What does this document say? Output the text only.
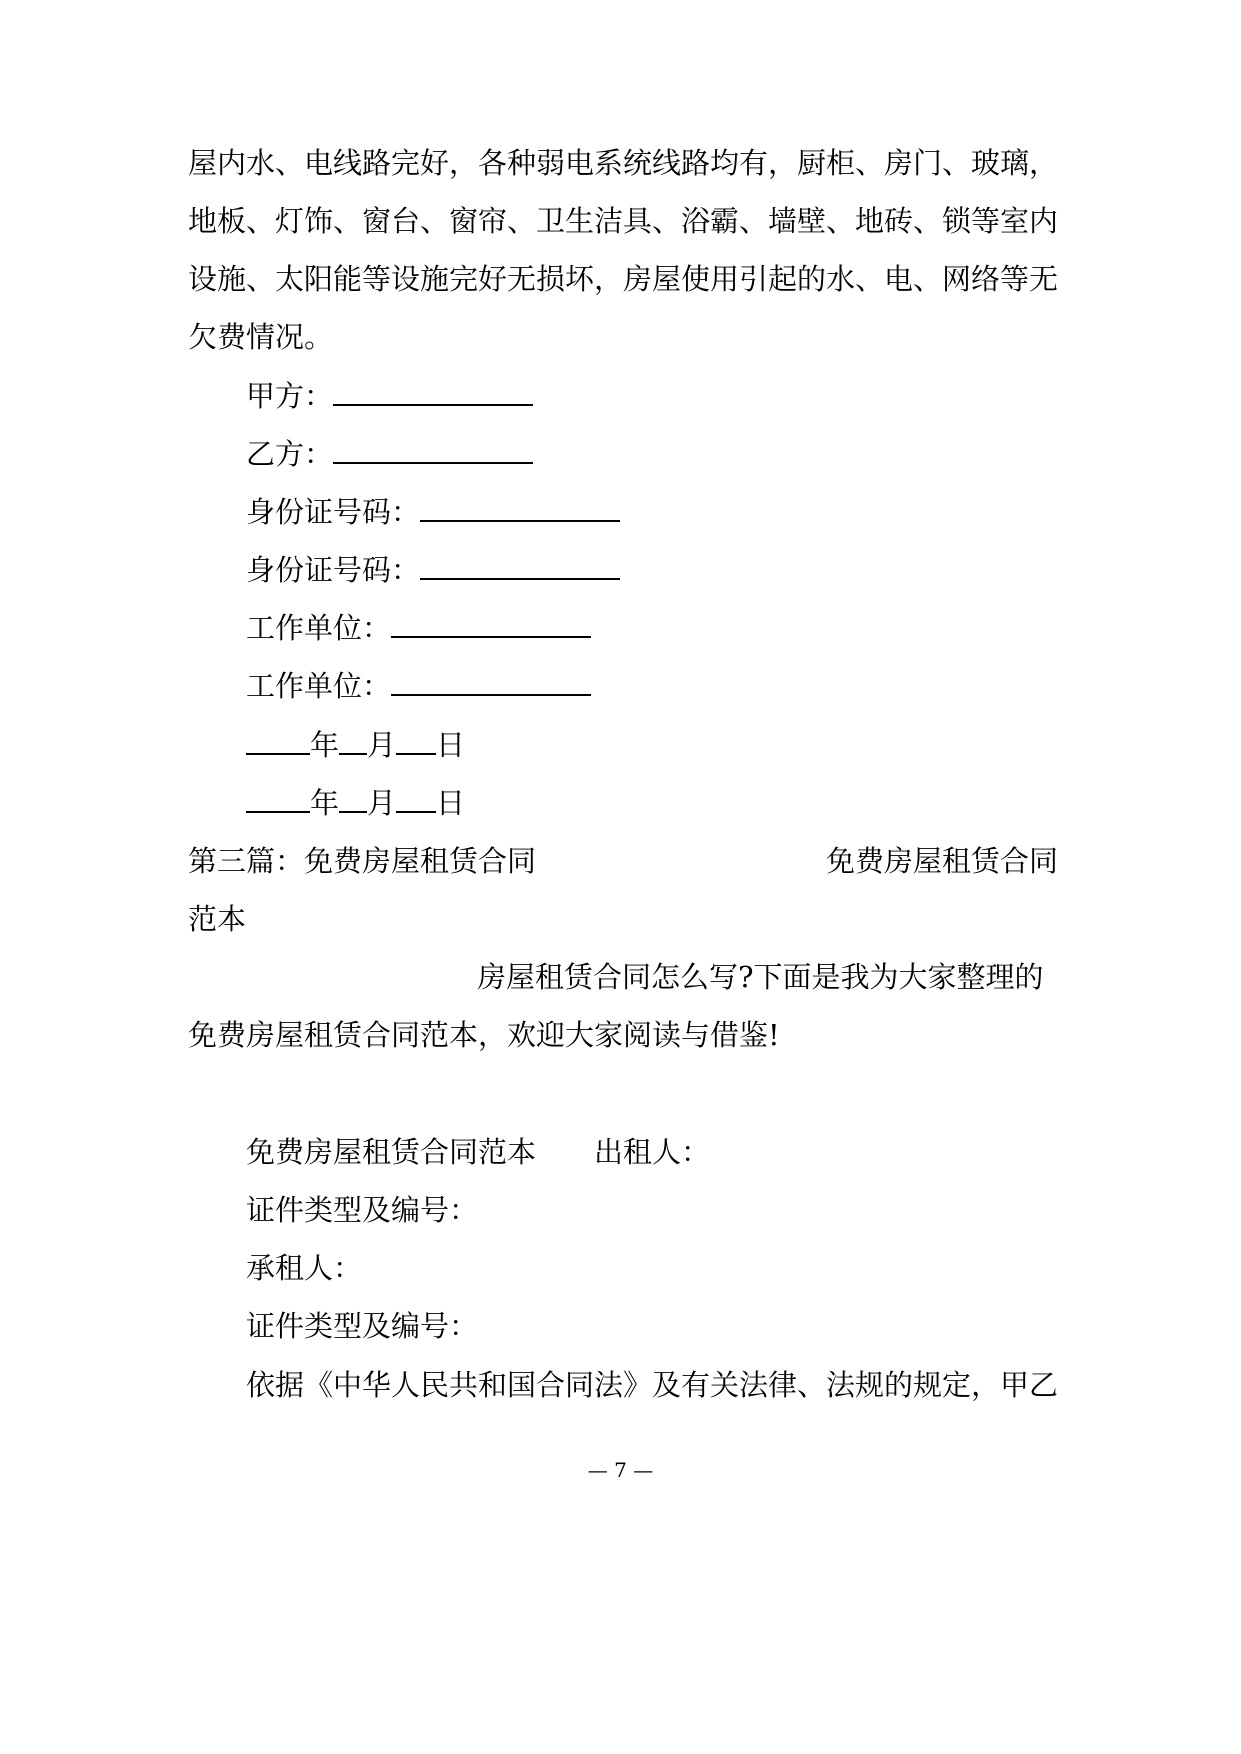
屋内水、电线路完好，各种弱电系统线路均有，厨柜、房门、玻璃，
地板、灯饰、窗台、窗帘、卫生洁具、浴霸、墙壁、地砖、锁等室内
设施、太阳能等设施完好无损坏，房屋使用引起的水、电、网络等无
欠费情况。
甲方：
乙方：
身份证号码：
身份证号码：
工作单位：
工作单位：
年 月 日
年 月 日
第三篇：免费房屋租赁合同	免费房屋租赁合同
范本
房屋租赁合同怎么写?下面是我为大家整理的
免费房屋租赁合同范本，欢迎大家阅读与借鉴!
免费房屋租赁合同范本 出租人：
证件类型及编号：
承租人：
证件类型及编号：
依据《中华人民共和国合同法》及有关法律、法规的规定，甲乙
— 7 —
